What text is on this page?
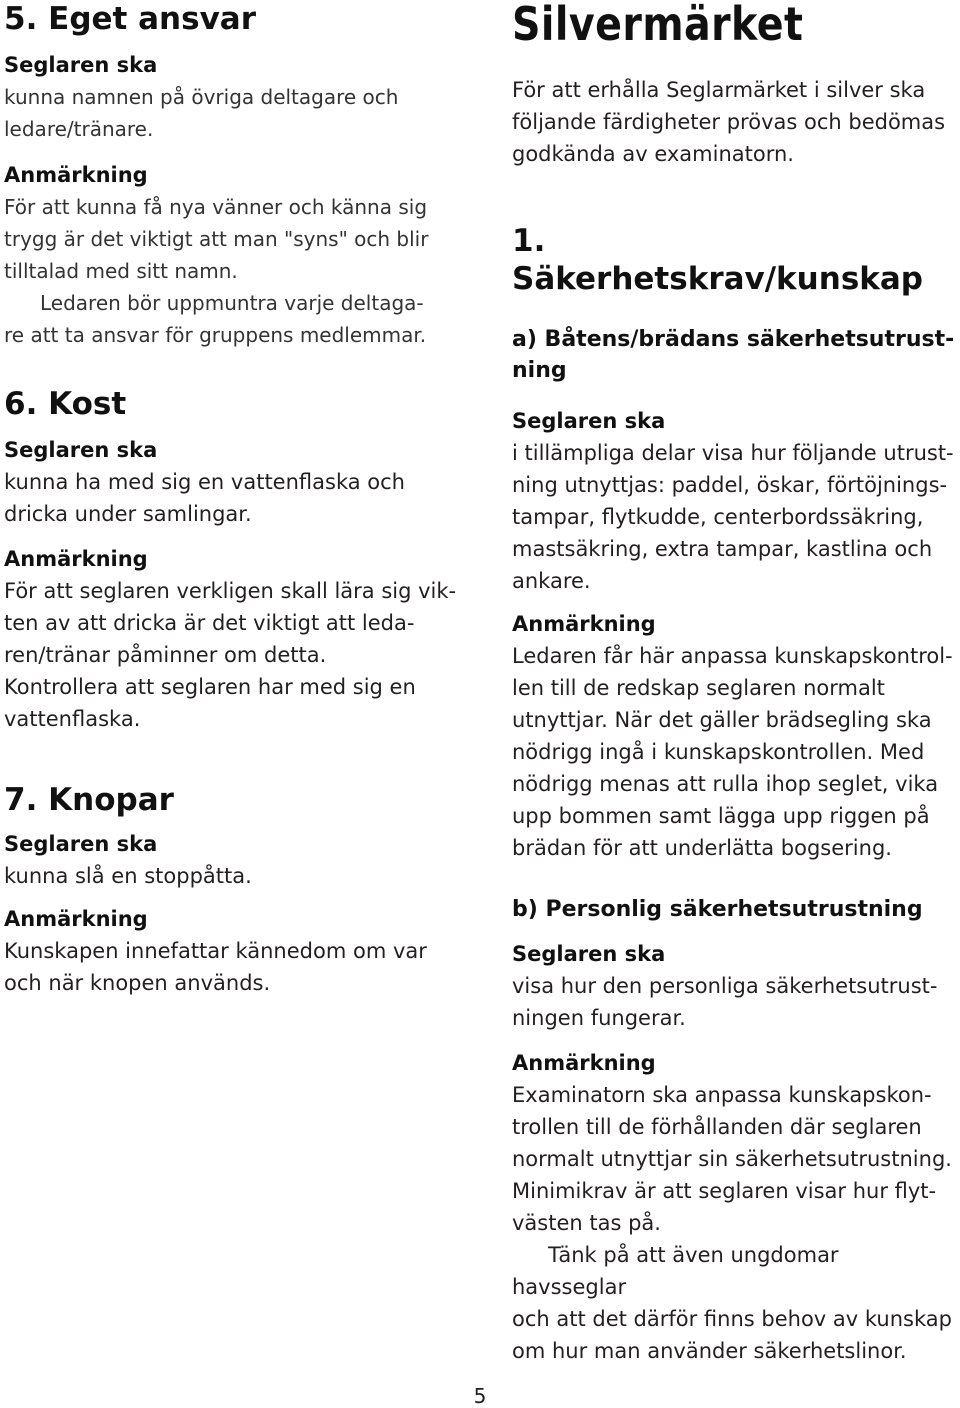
5. Eget ansvar

Seglaren ska

kunna namnen på övriga deltagare och
ledare/tränare.

Anmärkning

För att kunna få nya vänner och känna sig
trygg är det viktigt att man "syns" och blir
tilltalad med sitt namn.

Ledaren bör uppmuntra varje deltaga-
re att ta ansvar för gruppens medlemmar.

6. Kost

Seglaren ska

kunna ha med sig en vattenflaska och
dricka under samlingar.

Anmärkning

För att seglaren verkligen skall lära sig vik-
ten av att dricka är det viktigt att leda-
ren/tränar påminner om detta.
Kontrollera att seglaren har med sig en
vattenflaska.

7. Knopar

Seglaren ska

kunna slå en stoppåtta.

Anmärkning

Kunskapen innefattar kännedom om var
och när knopen används.

Silvermärket

För att erhålla Seglarmärket i silver ska
följande färdigheter prövas och bedömas
godkända av examinatorn.

1. Säkerhetskrav/kunskap

a) Båtens/brädans säkerhetsutrust-
ning

Seglaren ska

i tillämpliga delar visa hur följande utrust-
ning utnyttjas: paddel, öskar, förtöjnings-
tampar, flytkudde, centerbordssäkring,
mastsäkring, extra tampar, kastlina och
ankare.

Anmärkning

Ledaren får här anpassa kunskapskontrol-
len till de redskap seglaren normalt
utnyttjar. När det gäller brädsegling ska
nödrigg ingå i kunskapskontrollen. Med
nödrigg menas att rulla ihop seglet, vika
upp bommen samt lägga upp riggen på
brädan för att underlätta bogsering.

b) Personlig säkerhetsutrustning

Seglaren ska

visa hur den personliga säkerhetsutrust-
ningen fungerar.

Anmärkning

Examinatorn ska anpassa kunskapskon-
trollen till de förhållanden där seglaren
normalt utnyttjar sin säkerhetsutrustning.
Minimikrav är att seglaren visar hur flyt-
västen tas på.

Tänk på att även ungdomar havsseglar
och att det därför finns behov av kunskap
om hur man använder säkerhetslinor.

5
